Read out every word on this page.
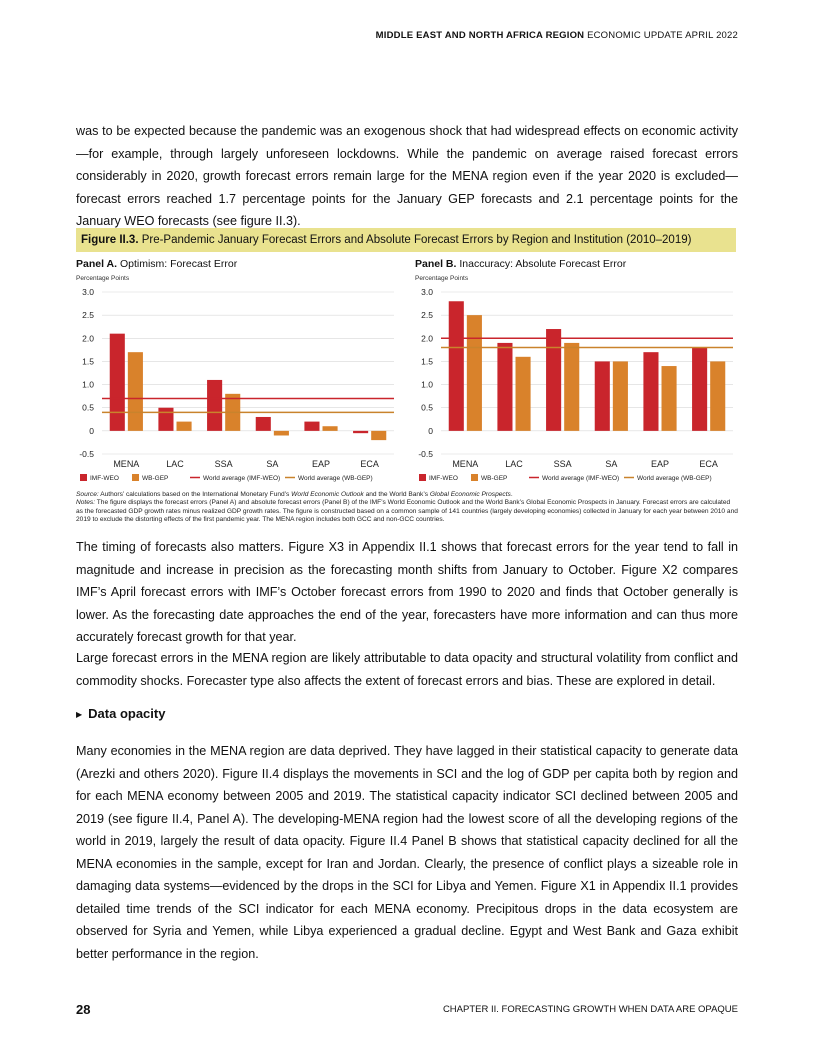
MIDDLE EAST AND NORTH AFRICA REGION ECONOMIC UPDATE APRIL 2022

was to be expected because the pandemic was an exogenous shock that had widespread effects on economic activity—for example, through largely unforeseen lockdowns. While the pandemic on average raised forecast errors considerably in 2020, growth forecast errors remain large for the MENA region even if the year 2020 is excluded—forecast errors reached 1.7 percentage points for the January GEP forecasts and 2.1 percentage points for the January WEO forecasts (see figure II.3).

Figure II.3. Pre-Pandemic January Forecast Errors and Absolute Forecast Errors by Region and Institution (2010–2019)
Panel A. Optimism: Forecast Error
Percentage Points
Panel B. Inaccuracy: Absolute Forecast Error
Percentage Points
3.0
2.5
2.0
1.5
1.0
0.5
0
-0.5
MENA	LAC	SSA	SA	EAP	ECA
IMF-WEO	WB-GEP	World average (IMF-WEO)	World average (WB-GEP)
3.0
2.5
2.0
1.5
1.0
0.5
0
-0.5
MENA	LAC	SSA	SA	EAP	ECA
IMF-WEO	WB-GEP	World average (IMF-WEO)	World average (WB-GEP)

Source: Authors’ calculations based on the International Monetary Fund’s World Economic Outlook and the World Bank’s Global Economic Prospects.

Notes: The figure displays the forecast errors (Panel A) and absolute forecast errors (Panel B) of the IMF’s World Economic Outlook and the World Bank’s Global Economic Prospects in January. Forecast errors are calculated as the forecasted GDP growth rates minus realized GDP growth rates. The figure is constructed based on a common sample of 141 countries (largely developing economies) collected in January for each year between 2010 and 2019 to exclude the distorting effects of the first pandemic year. The MENA region includes both GCC and non-GCC countries.

The timing of forecasts also matters. Figure X3 in Appendix II.1 shows that forecast errors for the year tend to fall in magnitude and increase in precision as the forecasting month shifts from January to October. Figure X2 compares IMF’s April forecast errors with IMF’s October forecast errors from 1990 to 2020 and finds that October generally is lower. As the forecasting date approaches the end of the year, forecasters have more information and can thus more accurately forecast growth for that year.

Large forecast errors in the MENA region are likely attributable to data opacity and structural volatility from conflict and commodity shocks. Forecaster type also affects the extent of forecast errors and bias. These are explored in detail.

▶ Data opacity

Many economies in the MENA region are data deprived. They have lagged in their statistical capacity to generate data (Arezki and others 2020). Figure II.4 displays the movements in SCI and the log of GDP per capita both by region and for each MENA economy between 2005 and 2019. The statistical capacity indicator SCI declined between 2005 and 2019 (see figure II.4, Panel A). The developing-MENA region had the lowest score of all the developing regions of the world in 2019, largely the result of data opacity. Figure II.4 Panel B shows that statistical capacity declined for all the MENA economies in the sample, except for Iran and Jordan. Clearly, the presence of conflict plays a sizeable role in damaging data systems—evidenced by the drops in the SCI for Libya and Yemen. Figure X1 in Appendix II.1 provides detailed time trends of the SCI indicator for each MENA economy. Precipitous drops in the data ecosystem are observed for Syria and Yemen, while Libya experienced a gradual decline. Egypt and West Bank and Gaza exhibit better performance in the region.

28	CHAPTER II. FORECASTING GROWTH WHEN DATA ARE OPAQUE
